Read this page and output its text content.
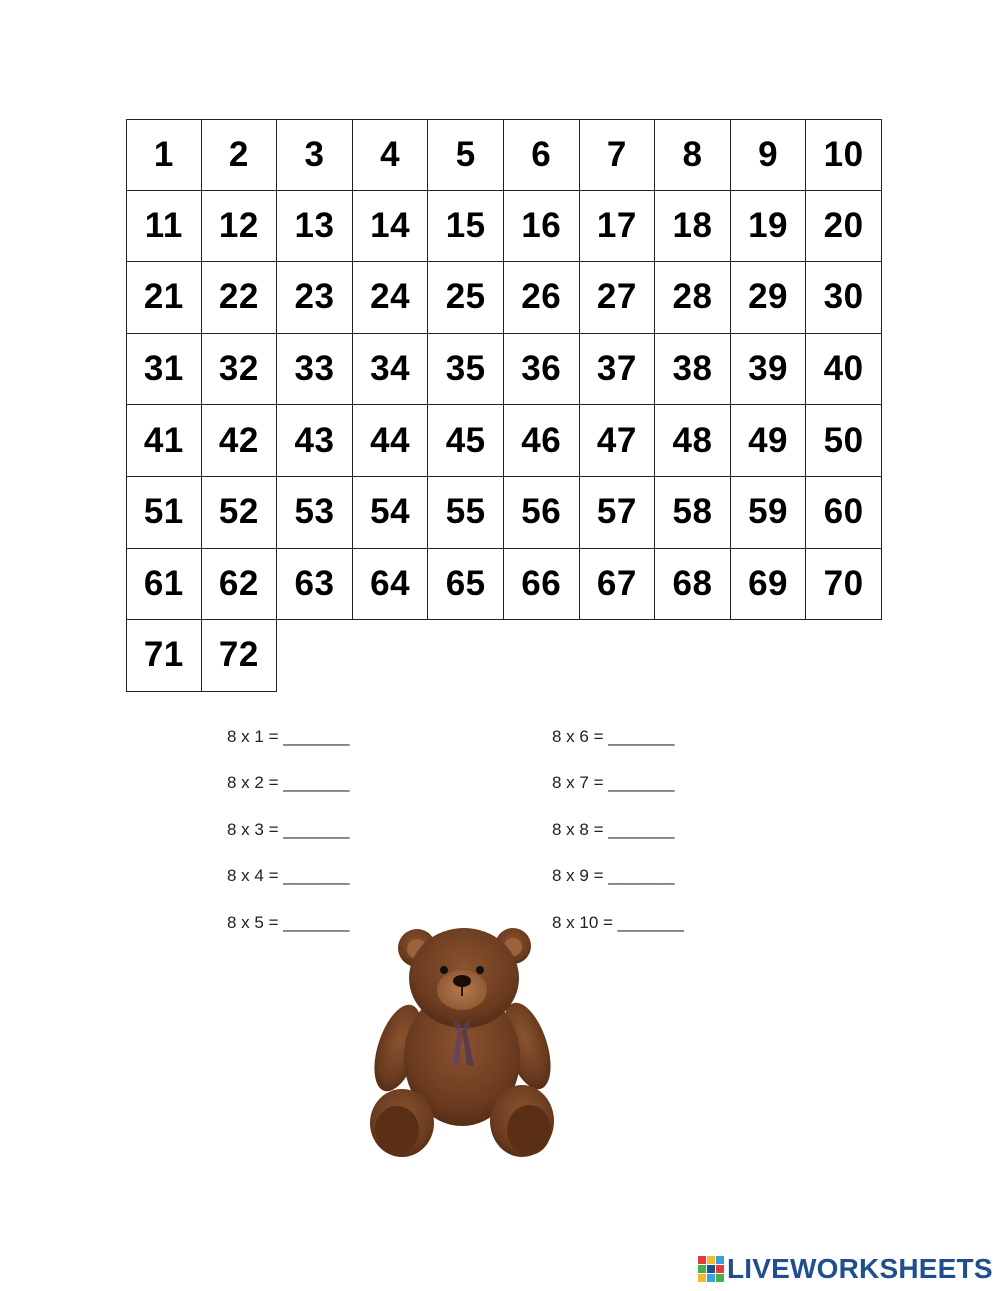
1	2	3	4	5	6	7	8	9	10
11	12	13	14	15	16	17	18	19	20
21	22	23	24	25	26	27	28	29	30
31	32	33	34	35	36	37	38	39	40
41	42	43	44	45	46	47	48	49	50
51	52	53	54	55	56	57	58	59	60
61	62	63	64	65	66	67	68	69	70
71	72
8 x 1 = _______
8 x 2 = _______
8 x 3 = _______
8 x 4 = _______
8 x 5 = _______
8 x 6 = _______
8 x 7 = _______
8 x 8 = _______
8 x 9 = _______
8 x 10 = _______
LIVEWORKSHEETS
